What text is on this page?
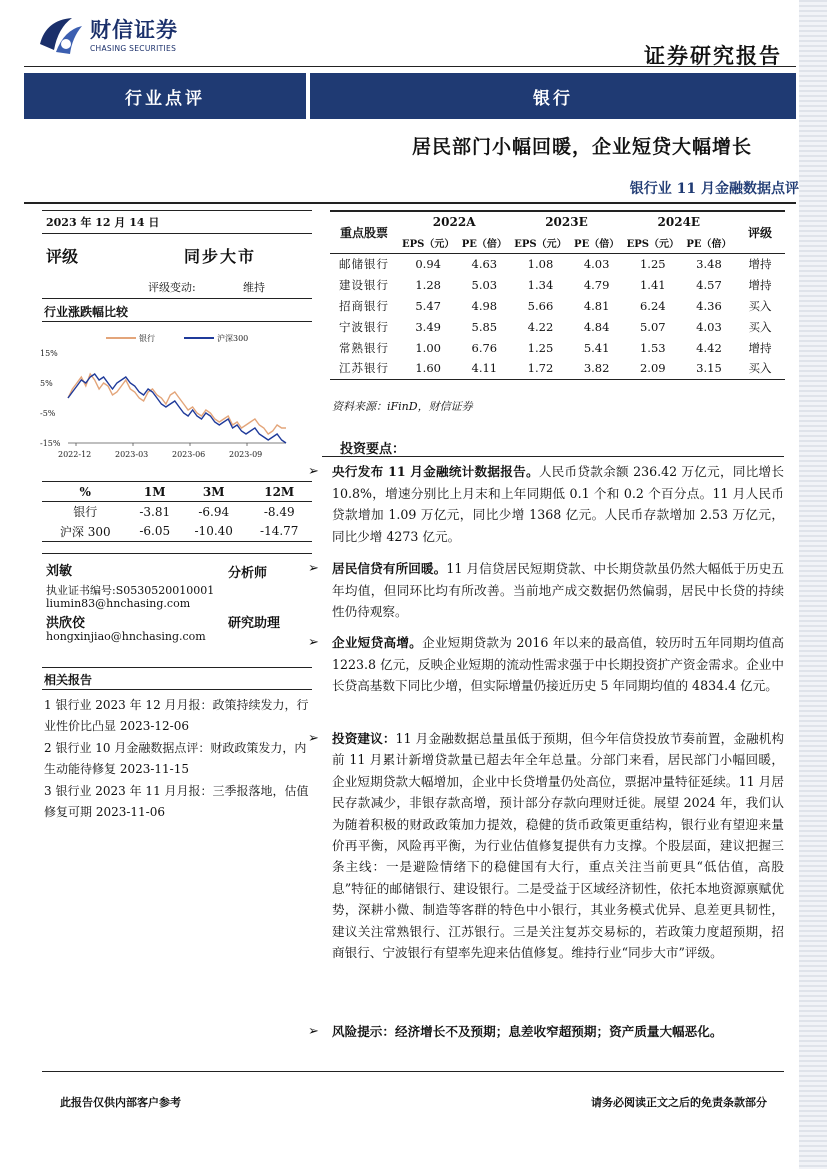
财信证券
CHASING SECURITIES	证券研究报告
行业点评	银行
居民部门小幅回暖，企业短贷大幅增长
银行业 11 月金融数据点评
2023 年 12 月 14 日
评级	同步大市
评级变动:	维持
行业涨跌幅比较
银行	沪深300
15%
5%
-5%
-15%
2022-12	2023-03	2023-06	2023-09
%	1M	3M	12M
银行	-3.81	-6.94	-8.49
沪深 300	-6.05	-10.40	-14.77
刘敏	分析师
执业证书编号:S0530520010001
liumin83@hnchasing.com
洪欣佼	研究助理
hongxinjiao@hnchasing.com
相关报告
1 银行业 2023 年 12 月月报：政策持续发力，行业性价比凸显 2023-12-06
2 银行业 10 月金融数据点评：财政政策发力，内生动能待修复 2023-11-15
3 银行业 2023 年 11 月月报：三季报落地，估值修复可期 2023-11-06
重点股票	2022A		2023E		2024E		评级
	EPS（元）	PE（倍）	EPS（元）	PE（倍）	EPS（元）	PE（倍）	
邮储银行	0.94	4.63	1.08	4.03	1.25	3.48	增持
建设银行	1.28	5.03	1.34	4.79	1.41	4.57	增持
招商银行	5.47	4.98	5.66	4.81	6.24	4.36	买入
宁波银行	3.49	5.85	4.22	4.84	5.07	4.03	买入
常熟银行	1.00	6.76	1.25	5.41	1.53	4.42	增持
江苏银行	1.60	4.11	1.72	3.82	2.09	3.15	买入
资料来源：iFinD，财信证券
投资要点：
➢ 央行发布 11 月金融统计数据报告。人民币贷款余额 236.42 万亿元，同比增长 10.8%，增速分别比上月末和上年同期低 0.1 个和 0.2 个百分点。11 月人民币贷款增加 1.09 万亿元，同比少增 1368 亿元。人民币存款增加 2.53 万亿元，同比少增 4273 亿元。
➢ 居民信贷有所回暖。11 月信贷居民短期贷款、中长期贷款虽仍然大幅低于历史五年均值，但同环比均有所改善。当前地产成交数据仍然偏弱，居民中长贷的持续性仍待观察。
➢ 企业短贷高增。企业短期贷款为 2016 年以来的最高值，较历时五年同期均值高 1223.8 亿元，反映企业短期的流动性需求强于中长期投资扩产资金需求。企业中长贷高基数下同比少增，但实际增量仍接近历史 5 年同期均值的 4834.4 亿元。
➢ 投资建议：11 月金融数据总量虽低于预期，但今年信贷投放节奏前置，金融机构前 11 月累计新增贷款量已超去年全年总量。分部门来看，居民部门小幅回暖，企业短期贷款大幅增加，企业中长贷增量仍处高位，票据冲量特征延续。11 月居民存款减少，非银存款高增，预计部分存款向理财迁徙。展望 2024 年，我们认为随着积极的财政政策加力提效，稳健的货币政策更重结构，银行业有望迎来量价再平衡，风险再平衡，为行业估值修复提供有力支撑。个股层面，建议把握三条主线：一是避险情绪下的稳健国有大行，重点关注当前更具“低估值，高股息”特征的邮储银行、建设银行。二是受益于区域经济韧性，依托本地资源禀赋优势，深耕小微、制造等客群的特色中小银行，其业务模式优异、息差更具韧性，建议关注常熟银行、江苏银行。三是关注复苏交易标的，若政策力度超预期，招商银行、宁波银行有望率先迎来估值修复。维持行业“同步大市”评级。
➢ 风险提示：经济增长不及预期；息差收窄超预期；资产质量大幅恶化。
此报告仅供内部客户参考	请务必阅读正文之后的免责条款部分
